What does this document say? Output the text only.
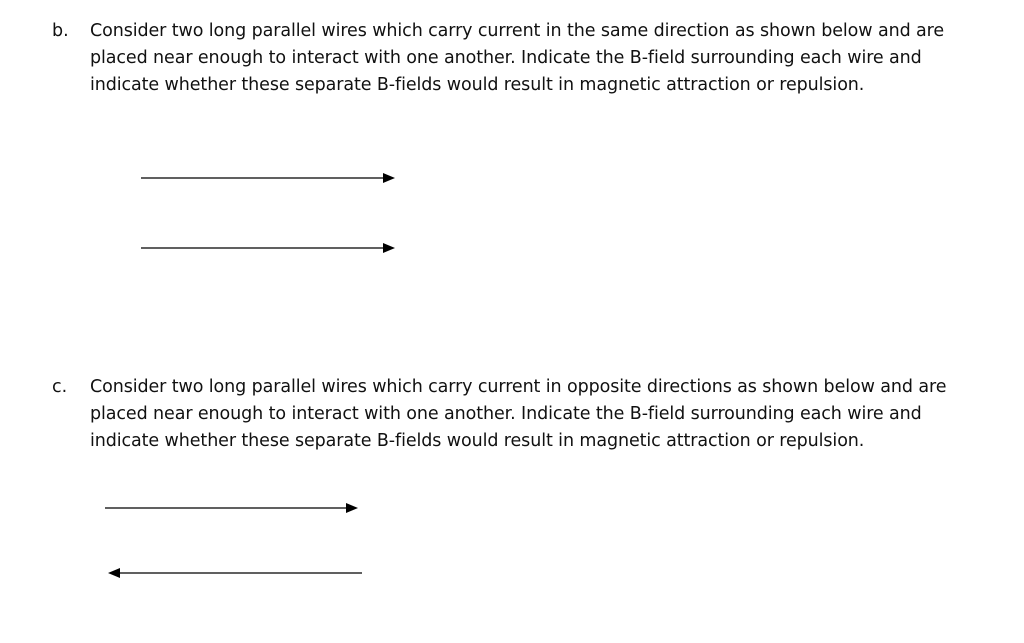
b.	Consider two long parallel wires which carry current in the same direction as shown below and are placed near enough to interact with one another. Indicate the B-field surrounding each wire and indicate whether these separate B-fields would result in magnetic attraction or repulsion.
c.	Consider two long parallel wires which carry current in opposite directions as shown below and are placed near enough to interact with one another. Indicate the B-field surrounding each wire and indicate whether these separate B-fields would result in magnetic attraction or repulsion.
